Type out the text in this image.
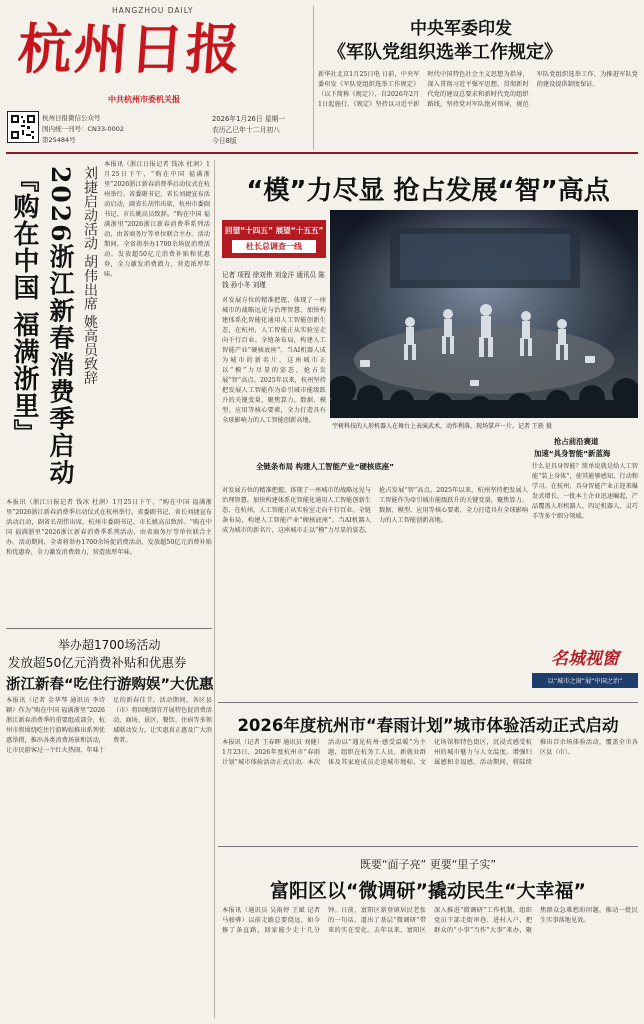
HANGZHOU DAILY
杭州日报
中共杭州市委机关报
杭州日报微信公众号
国内统一刊号：CN33-0002
第25484号
2026年1月26日 星期一
农历乙巳年十二月初八
今日8版
中央军委印发
《军队党组织选举工作规定》
新华社北京1月25日电 日前，中央军委印发《军队党组织选举工作规定》（以下简称《规定》），自2026年2月1日起施行。《规定》坚持以习近平新时代中国特色社会主义思想为指导，深入贯彻习近平强军思想，贯彻新时代党的建设总要求和新时代党的组织路线，坚持党对军队绝对领导，规范军队党组织选举工作，为推进军队党的建设提供制度保证。
2026浙江新春消费季启动
『购在中国 福满浙里』	刘捷启动活动 胡伟出席 姚高员致辞
本报讯（浙江日报记者 钱冰 杜润）1月25日下午，“购在中国 福满浙里”2026浙江新春消费季启动仪式在杭州举行。省委副书记、省长刘捷宣布活动启动，副省长胡伟出席，杭州市委副书记、市长姚高员致辞。“购在中国 福满浙里”2026浙江新春消费季系列活动，由省商务厅等单位联合主办。活动期间，全省将举办1700余场促消费活动，发放超50亿元消费补贴和优惠券，全力激发消费潜力，营造浓厚年味。
本报讯（浙江日报记者 钱冰 杜润）1月25日下午，“购在中国 福满浙里”2026浙江新春消费季启动仪式在杭州举行。省委副书记、省长刘捷宣布活动启动，副省长胡伟出席，杭州市委副书记、市长姚高员致辞。“购在中国 福满浙里”2026浙江新春消费季系列活动，由省商务厅等单位联合主办。活动期间，全省将举办1700余场促消费活动，发放超50亿元消费补贴和优惠券，全力激发消费潜力，营造浓厚年味。
举办超1700场活动
发放超50亿元消费补贴和优惠券
浙江新春“吃住行游购娱”大优惠
本报讯（记者 金华琴 通讯员 李诗颖）作为“购在中国 福满浙里”2026浙江新春消费季的重要组成部分，杭州市将围绕吃住行游购娱推出系列优惠举措，推出各类消费场景和活动，让市民游客过一个红火热闹、年味十足的新春佳节。活动期间，各区县（市）将因地制宜开展特色促消费活动，商场、景区、餐饮、住宿等多领域联动发力，让实惠真正惠及广大消费者。
“模”力尽显 抢占发展“智”高点
回望“十四五” 展望“十五五”
杜长总调查一线
记者 项程 徐刘伟 刘金洋 通讯员 陈钱 孙小冬 刘瑾
宇树科技的人形机器人在舞台上表演武术，动作利落，现场掌声一片。记者 王轶 摄
对发展方位的精准把握，体现了一座城市的战略远见与治理智慧。加快构建体系化智能化通用人工智能创新生态，在杭州，人工智能正从实验室走向千行百业。全链条布局，构建人工智能产业“硬核底座”。当AI机器人成为城市的新名片，这座城市正以“模”力尽显的姿态，抢占发展“智”高点。2025年以来，杭州坚持把发展人工智能作为牵引城市能级跃升的关键变量，聚焦算力、数据、模型、应用等核心要素，全力打造具有全球影响力的人工智能创新高地。
全链条布局 构建人工智能产业“硬核底座”
对发展方位的精准把握，体现了一座城市的战略远见与治理智慧。加快构建体系化智能化通用人工智能创新生态，在杭州，人工智能正从实验室走向千行百业。全链条布局，构建人工智能产业“硬核底座”。当AI机器人成为城市的新名片，这座城市正以“模”力尽显的姿态，抢占发展“智”高点。2025年以来，杭州坚持把发展人工智能作为牵引城市能级跃升的关键变量，聚焦算力、数据、模型、应用等核心要素，全力打造具有全球影响力的人工智能创新高地。
抢占前沿赛道
加速“具身智能”新蓝海
什么是具身智能？简单说就是给人工智能“装上身体”，使其能够感知、行动和学习。在杭州，具身智能产业正迎来爆发式增长，一批本土企业迅速崛起，产品覆盖人形机器人、四足机器人、灵巧手等多个细分领域。
名城视窗
以“城市之窗”展“中国之治”
2026年度杭州市“春雨计划”城市体验活动正式启动
本报讯（记者 王春晖 通讯员 刘健）1月23日，2026年度杭州市“春雨计划”城市体验活动正式启动。本次活动以“遇见杭州·感受温暖”为主题，组织在杭务工人员、新就业群体及其家庭成员走进城市地标、文化场馆和特色街区，沉浸式感受杭州的城市魅力与人文温度，增强归属感和幸福感。活动期间，将陆续推出百余场体验活动，覆盖全市各区县（市）。
既要“面子亮” 更要“里子实”
富阳区以“微调研”撬动民生“大幸福”
本报讯（通讯员 吴雨婷 王斌 记者 马骏骅）以前走路总要绕远，如今修了条直路，回家能少走十几分钟。日前，富阳区新登镇居民老张的一句话，道出了基层“微调研”带来的实在变化。去年以来，富阳区深入推进“微调研”工作机制，组织党员干部走街串巷、进村入户，把群众的“小事”当作“大事”来办，聚焦群众急难愁盼问题，推动一批民生实事落地见效。
